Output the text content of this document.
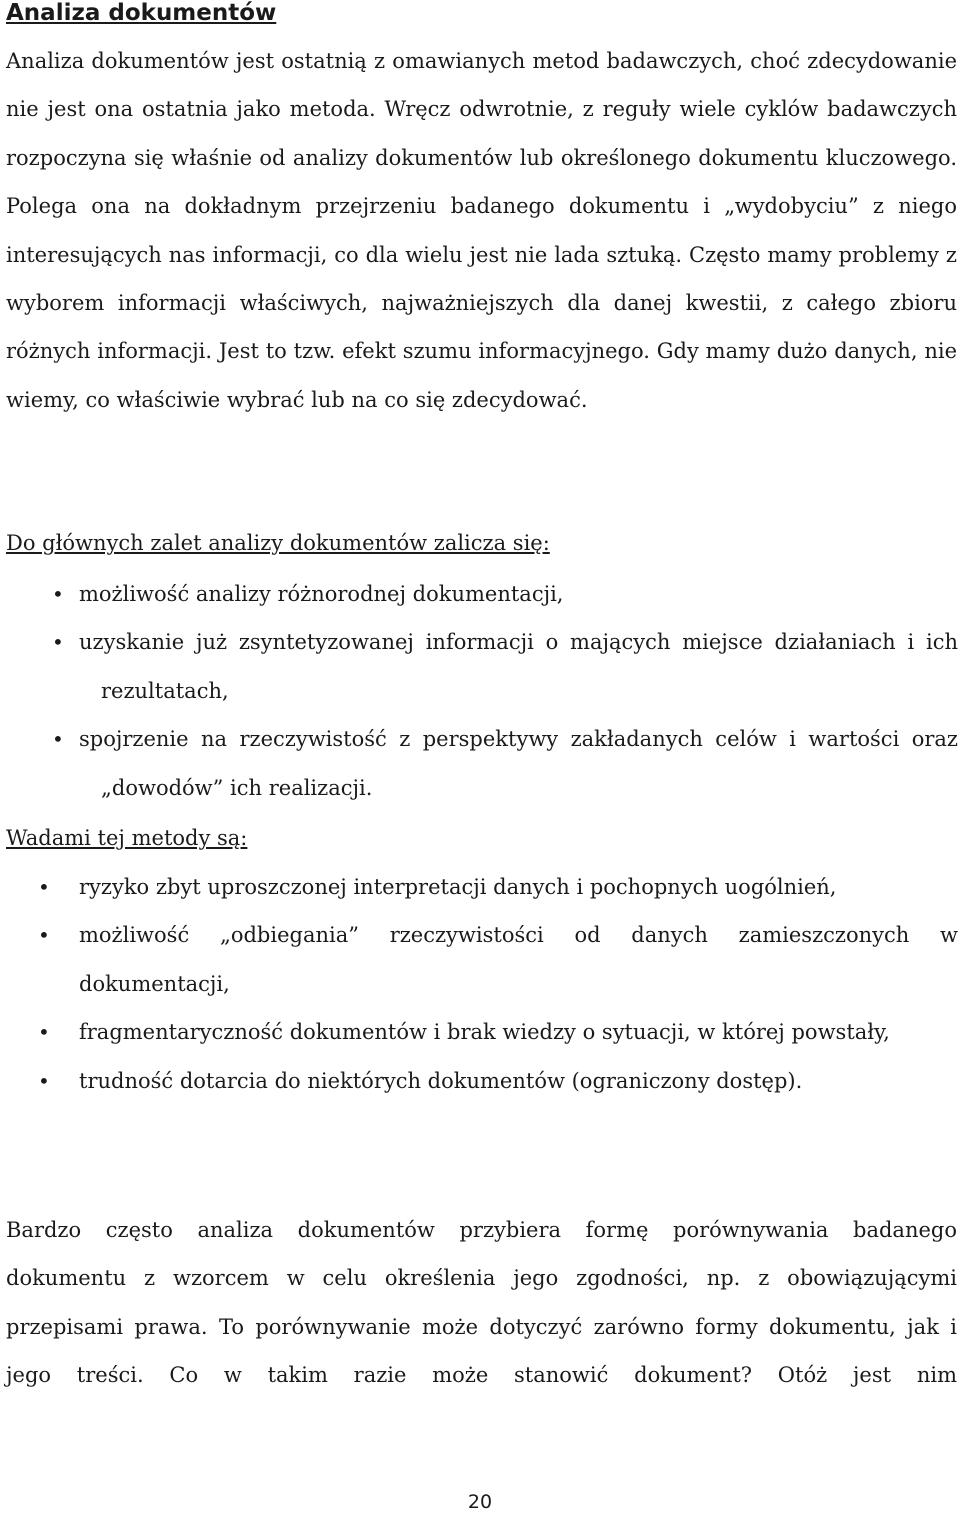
Analiza dokumentów

Analiza dokumentów jest ostatnią z omawianych metod badawczych, choć zdecydowanie nie jest ona ostatnia jako metoda. Wręcz odwrotnie, z reguły wiele cyklów badawczych rozpoczyna się właśnie od analizy dokumentów lub określonego dokumentu kluczowego. Polega ona na dokładnym przejrzeniu badanego dokumentu i „wydobyciu” z niego interesujących nas informacji, co dla wielu jest nie lada sztuką. Często mamy problemy z wyborem informacji właściwych, najważniejszych dla danej kwestii, z całego zbioru różnych informacji. Jest to tzw. efekt szumu informacyjnego. Gdy mamy dużo danych, nie wiemy, co właściwie wybrać lub na co się zdecydować.

Do głównych zalet analizy dokumentów zalicza się:

• możliwość analizy różnorodnej dokumentacji,
• uzyskanie już zsyntetyzowanej informacji o mających miejsce działaniach i ich rezultatach,
• spojrzenie na rzeczywistość z perspektywy zakładanych celów i wartości oraz „dowodów” ich realizacji.

Wadami tej metody są:

• ryzyko zbyt uproszczonej interpretacji danych i pochopnych uogólnień,
• możliwość „odbiegania” rzeczywistości od danych zamieszczonych w dokumentacji,
• fragmentaryczność dokumentów i brak wiedzy o sytuacji, w której powstały,
• trudność dotarcia do niektórych dokumentów (ograniczony dostęp).

Bardzo często analiza dokumentów przybiera formę porównywania badanego dokumentu z wzorcem w celu określenia jego zgodności, np. z obowiązującymi przepisami prawa. To porównywanie może dotyczyć zarówno formy dokumentu, jak i jego treści. Co w takim razie może stanowić dokument? Otóż jest nim

20
